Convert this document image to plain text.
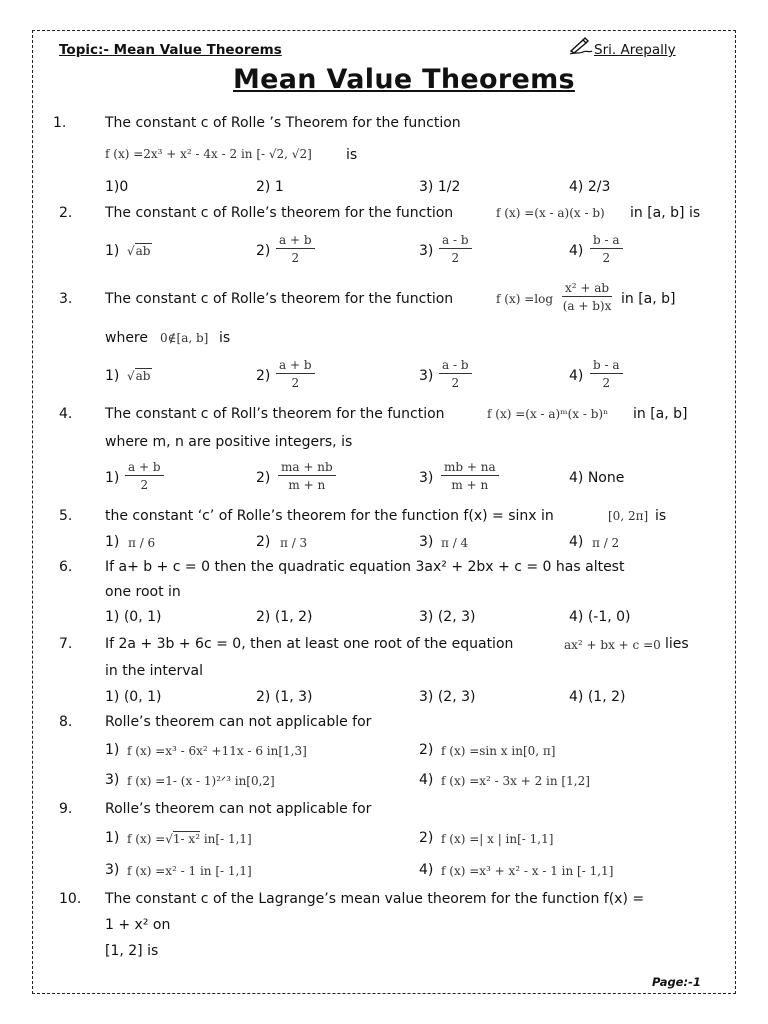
Topic:- Mean Value Theorems	Sri. Arepally
Mean Value Theorems
1.	The constant c of Rolle ’s Theorem for the function
f (x) =2x³ + x² - 4x - 2 in [- √2, √2] is
1)0	2) 1	3) 1/2	4) 2/3
2. The constant c of Rolle’s theorem for the function	f (x) =(x - a)(x - b) in [a, b] is
1) √ab	$2) \frac{a + b}{2}$	$3) \frac{a - b}{2}$	$4) \frac{b - a}{2}$
3. The constant c of Rolle’s theorem for the function	f $(x) =\log \frac{\text{x² + ab}}{(a + b)x}$ in [a, b]
where 0∉[a, b] is
1) √ab	$2) \frac{a + b}{2}$	$3) \frac{a - b}{2}$	$4) \frac{b - a}{2}$
4. The constant c of Roll’s theorem for the function	f (x) =(x - a)ᵐ(x - b)ⁿ in [a, b]
where m, n are positive integers, is
$1) \frac{a + b}{2}$	$2) \frac{ma + nb}{m + n}$	$3) \frac{mb + na}{m + n}$	4) None
5. the constant ‘c’ of Rolle’s theorem for the function f(x) = sinx in	[0, 2π] is
1) π / 6	2) π / 3	3) π / 4	4) π / 2
6. If a+ b + c = 0 then the quadratic equation 3ax² + 2bx + c = 0 has altest
one root in
1) (0, 1)	2) (1, 2)	3) (2, 3)	4) (-1, 0)
7. If 2a + 3b + 6c = 0, then at least one root of the equation	ax² + bx + c =0 lies
in the interval
1) (0, 1)	2) (1, 3)	3) (2, 3)	4) (1, 2)
8. Rolle’s theorem can not applicable for
1) f (x) =x³ - 6x² +11x - 6 in[1,3]	2) f (x) =sin x in[0, π]
3) f (x) =1- (x - 1)²ᐟ³ in[0,2]	4) f (x) =x² - 3x + 2 in [1,2]
9. Rolle’s theorem can not applicable for
1) f (x) =√1- x² in[- 1,1]	2) f (x) =| x | in[- 1,1]
3) f (x) =x² - 1 in [- 1,1]	4) f (x) =x³ + x² - x - 1 in [- 1,1]
10. The constant c of the Lagrange’s mean value theorem for the function f(x) =
1 + x² on
[1, 2] is
Page:-1
